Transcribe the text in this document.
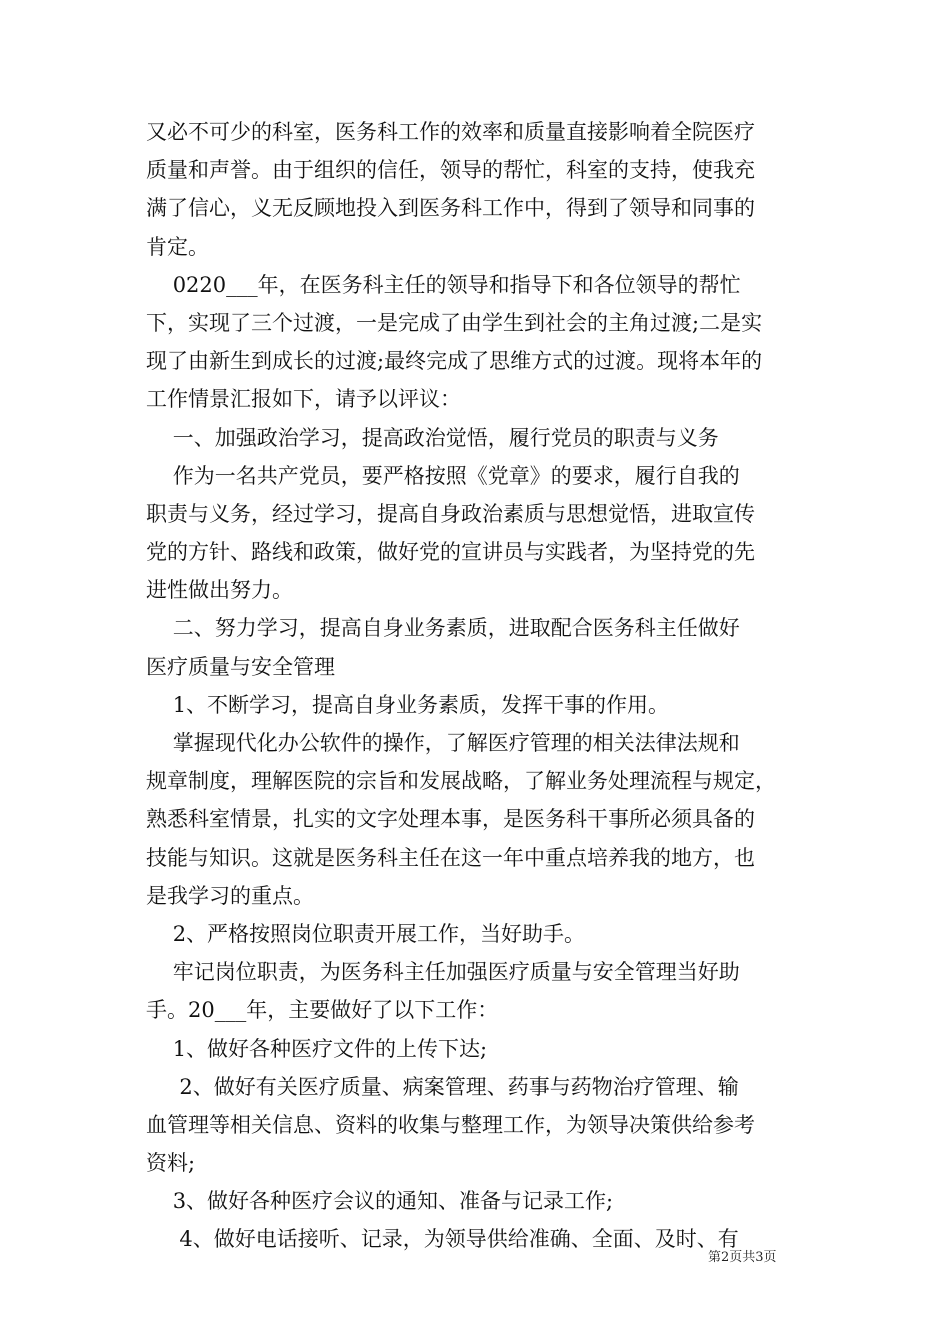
又必不可少的科室，医务科工作的效率和质量直接影响着全院医疗
质量和声誉。由于组织的信任，领导的帮忙，科室的支持，使我充
满了信心，义无反顾地投入到医务科工作中，得到了领导和同事的
肯定。
0220___年，在医务科主任的领导和指导下和各位领导的帮忙
下，实现了三个过渡，一是完成了由学生到社会的主角过渡;二是实
现了由新生到成长的过渡;最终完成了思维方式的过渡。现将本年的
工作情景汇报如下，请予以评议：
一、加强政治学习，提高政治觉悟，履行党员的职责与义务
作为一名共产党员，要严格按照《党章》的要求，履行自我的
职责与义务，经过学习，提高自身政治素质与思想觉悟，进取宣传
党的方针、路线和政策，做好党的宣讲员与实践者，为坚持党的先
进性做出努力。
二、努力学习，提高自身业务素质，进取配合医务科主任做好
医疗质量与安全管理
1、不断学习，提高自身业务素质，发挥干事的作用。
掌握现代化办公软件的操作，了解医疗管理的相关法律法规和
规章制度，理解医院的宗旨和发展战略，了解业务处理流程与规定，
熟悉科室情景，扎实的文字处理本事，是医务科干事所必须具备的
技能与知识。这就是医务科主任在这一年中重点培养我的地方，也
是我学习的重点。
2、严格按照岗位职责开展工作，当好助手。
牢记岗位职责，为医务科主任加强医疗质量与安全管理当好助
手。20___年，主要做好了以下工作：
1、做好各种医疗文件的上传下达;
2、做好有关医疗质量、病案管理、药事与药物治疗管理、输
血管理等相关信息、资料的收集与整理工作，为领导决策供给参考
资料;
3、做好各种医疗会议的通知、准备与记录工作;
4、做好电话接听、记录，为领导供给准确、全面、及时、有
第2页共3页
